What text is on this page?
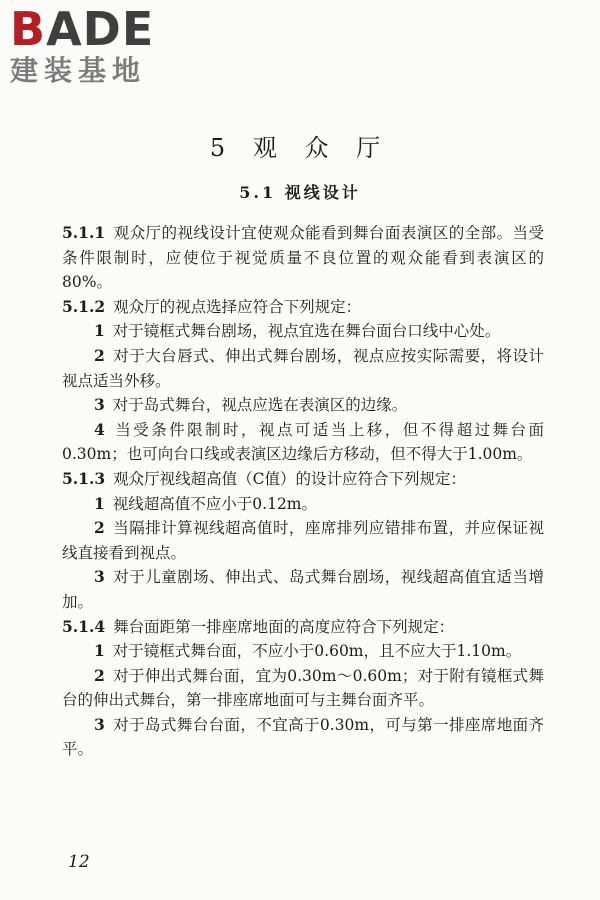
BADE
建装基地
5 观 众 厅
5.1 视线设计

5.1.1 观众厅的视线设计宜使观众能看到舞台面表演区的全部。当受条件限制时，应使位于视觉质量不良位置的观众能看到表演区的80%。

5.1.2 观众厅的视点选择应符合下列规定：

1 对于镜框式舞台剧场，视点宜选在舞台面台口线中心处。

2 对于大台唇式、伸出式舞台剧场，视点应按实际需要，将设计视点适当外移。

3 对于岛式舞台，视点应选在表演区的边缘。

4 当受条件限制时，视点可适当上移，但不得超过舞台面0.30m；也可向台口线或表演区边缘后方移动，但不得大于1.00m。

5.1.3 观众厅视线超高值（C值）的设计应符合下列规定：

1 视线超高值不应小于0.12m。

2 当隔排计算视线超高值时，座席排列应错排布置，并应保证视线直接看到视点。

3 对于儿童剧场、伸出式、岛式舞台剧场，视线超高值宜适当增加。

5.1.4 舞台面距第一排座席地面的高度应符合下列规定：

1 对于镜框式舞台面，不应小于0.60m，且不应大于1.10m。

2 对于伸出式舞台面，宜为0.30m～0.60m；对于附有镜框式舞台的伸出式舞台，第一排座席地面可与主舞台面齐平。

3 对于岛式舞台台面，不宜高于0.30m，可与第一排座席地面齐平。

12
